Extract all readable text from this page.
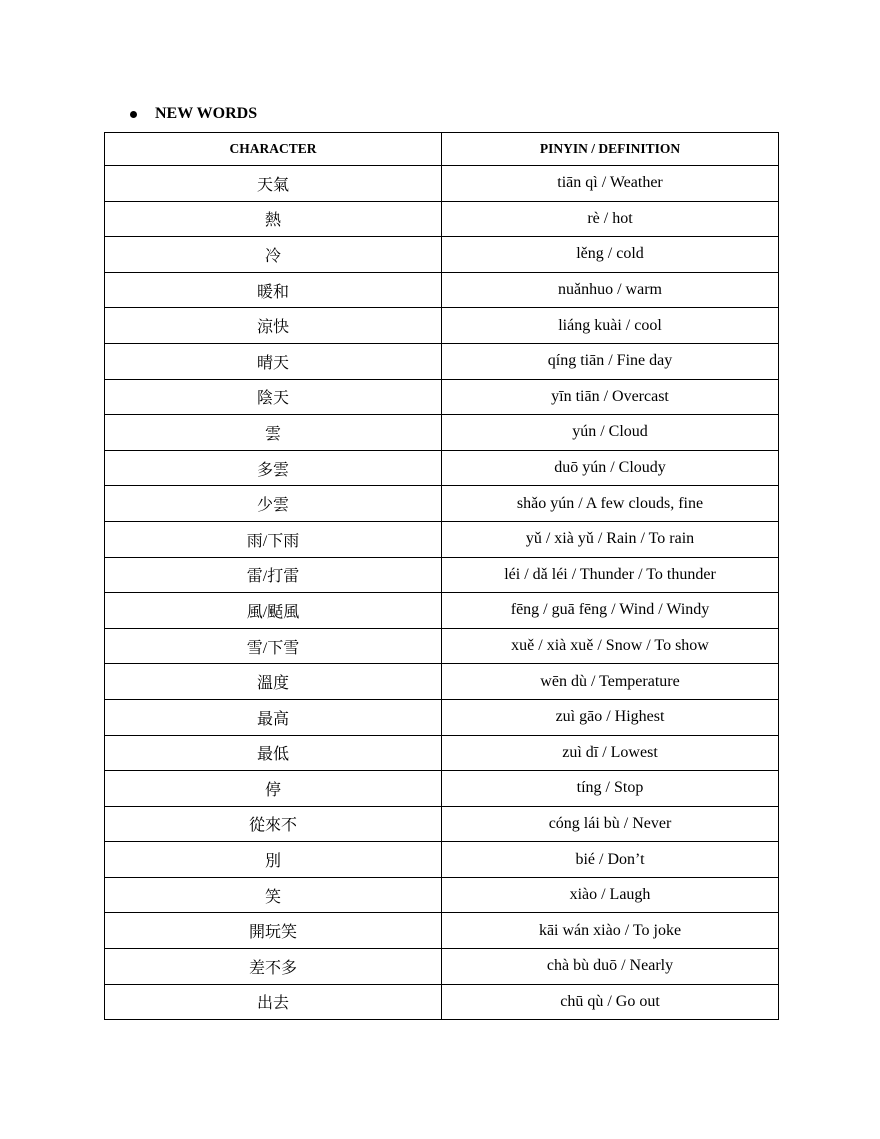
NEW WORDS
CHARACTER	PINYIN / DEFINITION
天氣	tiān qì / Weather
熱	rè / hot
冷	lěng / cold
暖和	nuǎnhuo / warm
涼快	liáng kuài / cool
晴天	qíng tiān / Fine day
陰天	yīn tiān / Overcast
雲	yún / Cloud
多雲	duō yún / Cloudy
少雲	shǎo yún / A few clouds, fine
雨/下雨	yǔ / xià yǔ / Rain / To rain
雷/打雷	léi / dǎ léi / Thunder / To thunder
風/颳風	fēng / guā fēng / Wind / Windy
雪/下雪	xuě / xià xuě / Snow / To show
溫度	wēn dù / Temperature
最高	zuì gāo / Highest
最低	zuì dī / Lowest
停	tíng / Stop
從來不	cóng lái bù / Never
別	bié / Don’t
笑	xiào / Laugh
開玩笑	kāi wán xiào / To joke
差不多	chà bù duō / Nearly
出去	chū qù / Go out
